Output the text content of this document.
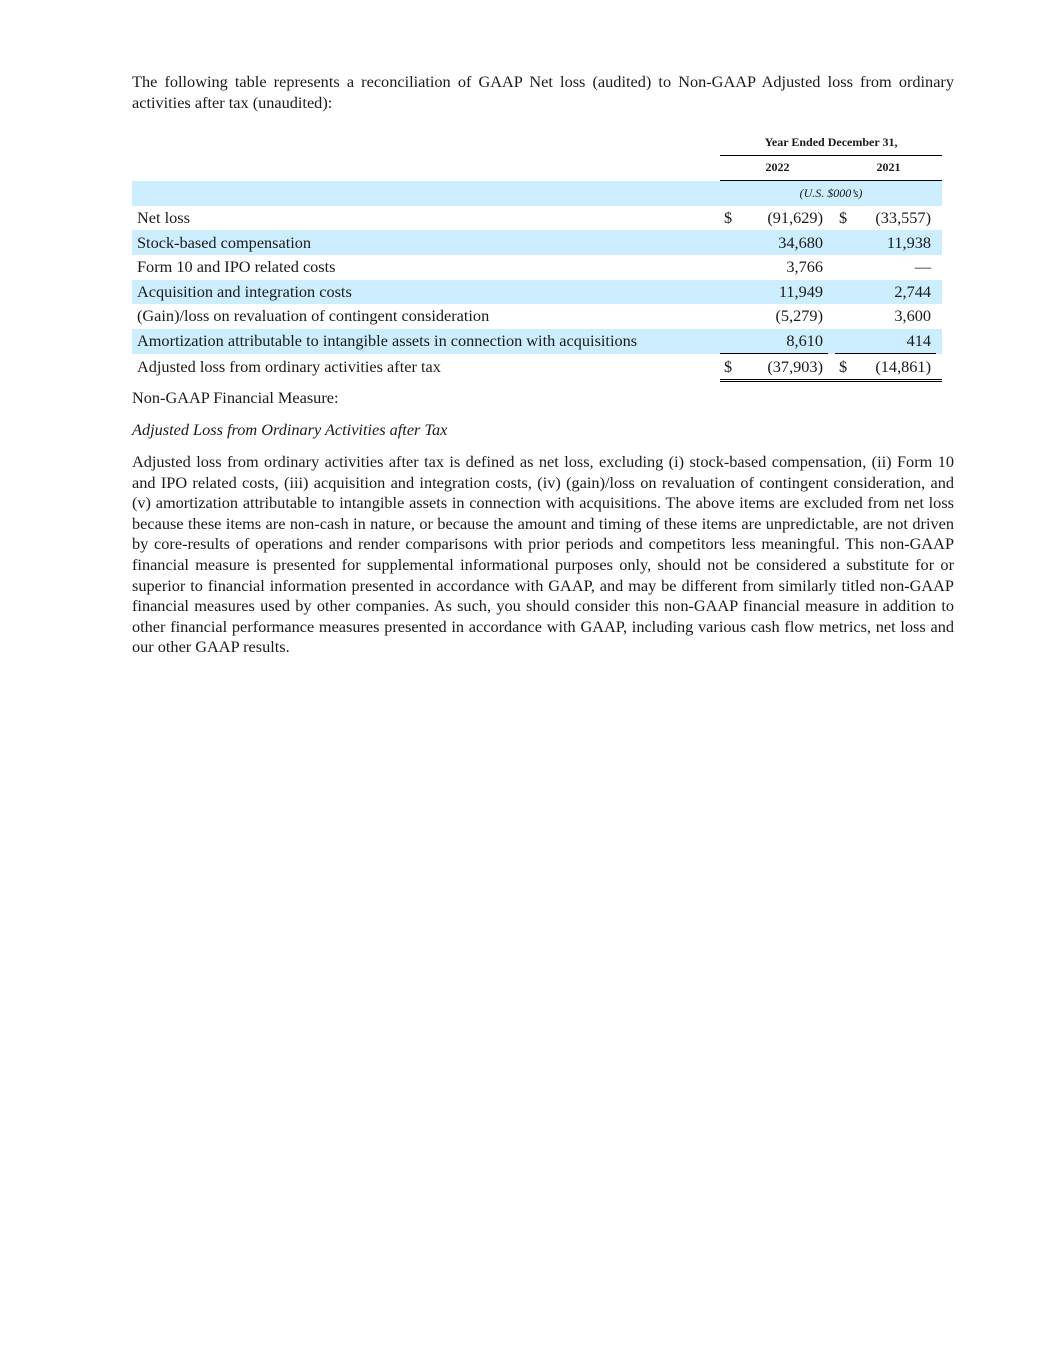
The following table represents a reconciliation of GAAP Net loss (audited) to Non-GAAP Adjusted loss from ordinary activities after tax (unaudited):

	Year Ended December 31,					
	2022			2021		
	(U.S. $000’s)					
Net loss	$	(91,629)		$	(33,557)	
Stock-based compensation		34,680			11,938	
Form 10 and IPO related costs		3,766			—	
Acquisition and integration costs		11,949			2,744	
(Gain)/loss on revaluation of contingent consideration		(5,279)			3,600	
Amortization attributable to intangible assets in connection with acquisitions		8,610			414	
Adjusted loss from ordinary activities after tax	$	(37,903)		$	(14,861)	

Non-GAAP Financial Measure:

Adjusted Loss from Ordinary Activities after Tax

Adjusted loss from ordinary activities after tax is defined as net loss, excluding (i) stock-based compensation, (ii) Form 10 and IPO related costs, (iii) acquisition and integration costs, (iv) (gain)/loss on revaluation of contingent consideration, and (v) amortization attributable to intangible assets in connection with acquisitions. The above items are excluded from net loss because these items are non-cash in nature, or because the amount and timing of these items are unpredictable, are not driven by core-results of operations and render comparisons with prior periods and competitors less meaningful. This non-GAAP financial measure is presented for supplemental informational purposes only, should not be considered a substitute for or superior to financial information presented in accordance with GAAP, and may be different from similarly titled non-GAAP financial measures used by other companies. As such, you should consider this non-GAAP financial measure in addition to other financial performance measures presented in accordance with GAAP, including various cash flow metrics, net loss and our other GAAP results.
